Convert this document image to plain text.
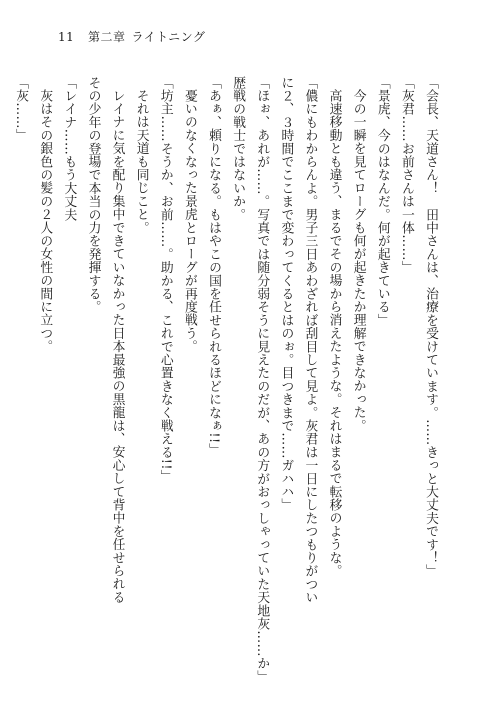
11 第二章 ライトニング
「会長、天道さん！　田中さんは、治療を受けています。……きっと大丈夫です！」
「灰君……お前さんは一体……」
「景虎、今のはなんだ。何が起きている」
今の一瞬を見てローグも何が起きたか理解できなかった。
高速移動とも違う、まるでその場から消えたような。それはまるで転移のような。
「儂にもわからんよ。男子三日あわざれば刮目して見よ。灰君は一日にしたつもりがつい
に２、３時間でここまで変わってくるとはのぉ。目つきまで……ガハハ」
「ほぉ、あれが……。写真では随分弱そうに見えたのだが、あの方がおっしゃっていた天地灰……か」
歴戦の戦士ではないか。
「あぁ、頼りになる。もはやこの国を任せられるほどになぁ!!」
憂いのなくなった景虎とローグが再度戦う。
「坊主……そうか、お前……。助かる、これで心置きなく戦える!!」
それは天道も同じこと。
レイナに気を配り集中できていなかった日本最強の黒龍は、安心して背中を任せられる
その少年の登場で本当の力を発揮する。
「レイナ……もう大丈夫
灰はその銀色の髪の２人の女性の間に立つ。
「灰……」
